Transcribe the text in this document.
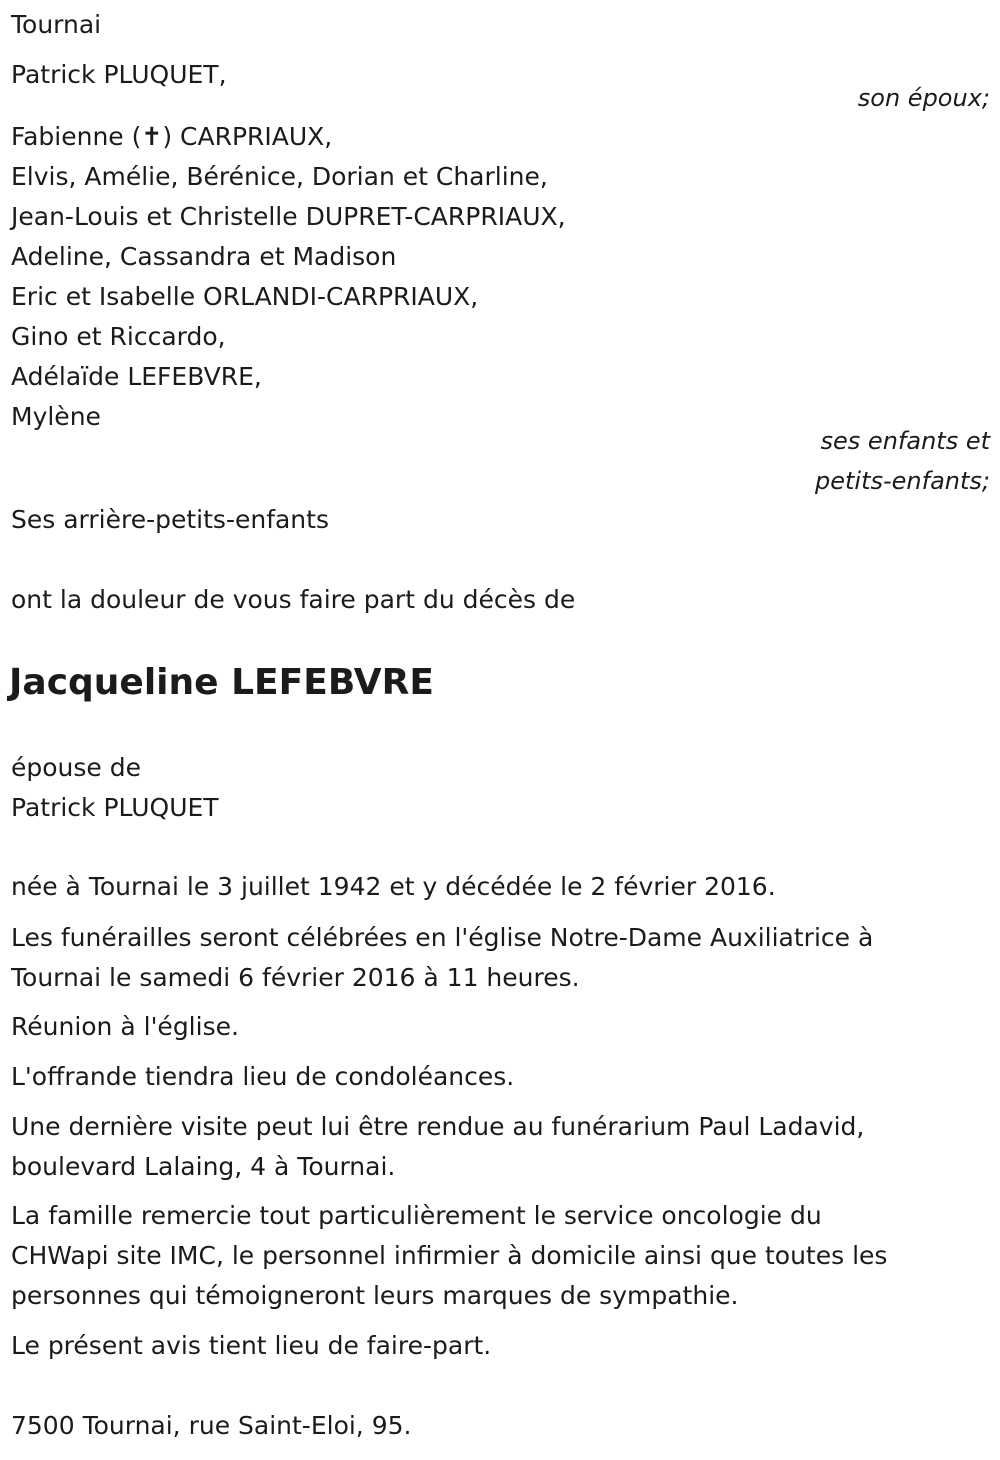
Tournai
Patrick PLUQUET,
son époux;
Fabienne (✝) CARPRIAUX,
Elvis, Amélie, Bérénice, Dorian et Charline,
Jean-Louis et Christelle DUPRET-CARPRIAUX,
Adeline, Cassandra et Madison
Eric et Isabelle ORLANDI-CARPRIAUX,
Gino et Riccardo,
Adélaïde LEFEBVRE,
Mylène
ses enfants et
petits-enfants;
Ses arrière-petits-enfants
ont la douleur de vous faire part du décès de
Jacqueline LEFEBVRE
épouse de
Patrick PLUQUET
née à Tournai le 3 juillet 1942 et y décédée le 2 février 2016.
Les funérailles seront célébrées en l'église Notre-Dame Auxiliatrice à
Tournai le samedi 6 février 2016 à 11 heures.
Réunion à l'église.
L'offrande tiendra lieu de condoléances.
Une dernière visite peut lui être rendue au funérarium Paul Ladavid,
boulevard Lalaing, 4 à Tournai.
La famille remercie tout particulièrement le service oncologie du
CHWapi site IMC, le personnel infirmier à domicile ainsi que toutes les
personnes qui témoigneront leurs marques de sympathie.
Le présent avis tient lieu de faire-part.
7500 Tournai, rue Saint-Eloi, 95.
